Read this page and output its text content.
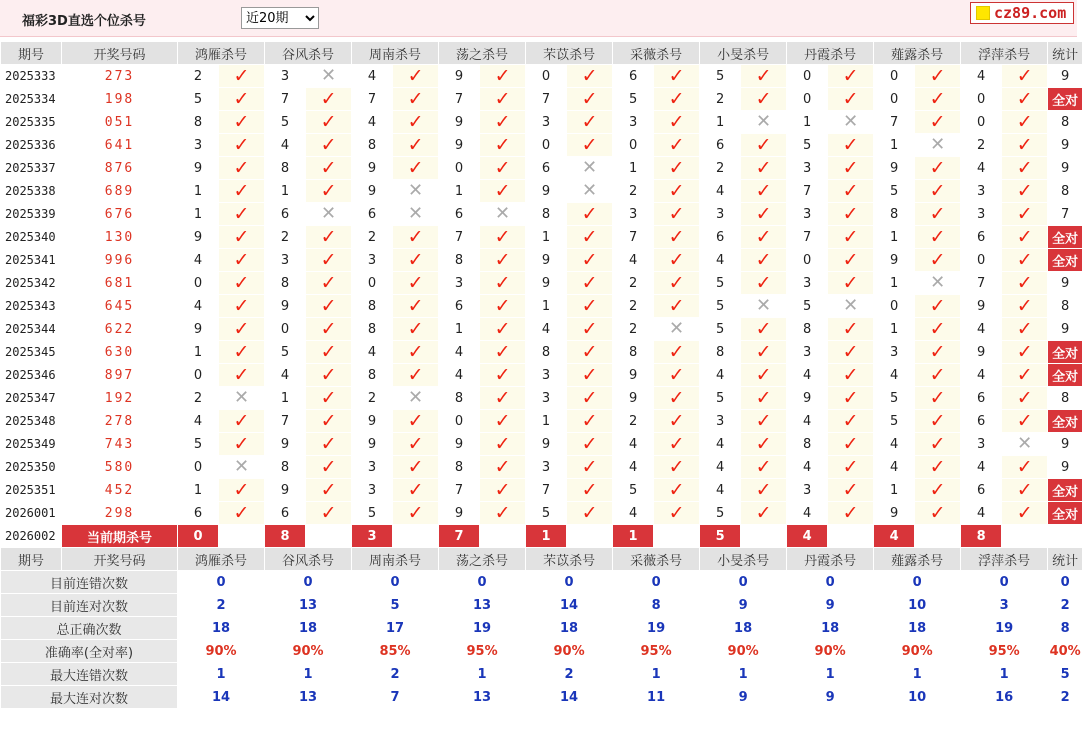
福彩3D直选个位杀号
近20期	cz89.com
期号	开奖号码	鸿雁杀号		谷风杀号		周南杀号		荡之杀号		芣苡杀号		采薇杀号		小旻杀号		丹霞杀号		薤露杀号		浮萍杀号		统计
2025333	273	2	✓	3	✕	4	✓	9	✓	0	✓	6	✓	5	✓	0	✓	0	✓	4	✓	9
2025334	198	5	✓	7	✓	7	✓	7	✓	7	✓	5	✓	2	✓	0	✓	0	✓	0	✓	全对
2025335	051	8	✓	5	✓	4	✓	9	✓	3	✓	3	✓	1	✕	1	✕	7	✓	0	✓	8
2025336	641	3	✓	4	✓	8	✓	9	✓	0	✓	0	✓	6	✓	5	✓	1	✕	2	✓	9
2025337	876	9	✓	8	✓	9	✓	0	✓	6	✕	1	✓	2	✓	3	✓	9	✓	4	✓	9
2025338	689	1	✓	1	✓	9	✕	1	✓	9	✕	2	✓	4	✓	7	✓	5	✓	3	✓	8
2025339	676	1	✓	6	✕	6	✕	6	✕	8	✓	3	✓	3	✓	3	✓	8	✓	3	✓	7
2025340	130	9	✓	2	✓	2	✓	7	✓	1	✓	7	✓	6	✓	7	✓	1	✓	6	✓	全对
2025341	996	4	✓	3	✓	3	✓	8	✓	9	✓	4	✓	4	✓	0	✓	9	✓	0	✓	全对
2025342	681	0	✓	8	✓	0	✓	3	✓	9	✓	2	✓	5	✓	3	✓	1	✕	7	✓	9
2025343	645	4	✓	9	✓	8	✓	6	✓	1	✓	2	✓	5	✕	5	✕	0	✓	9	✓	8
2025344	622	9	✓	0	✓	8	✓	1	✓	4	✓	2	✕	5	✓	8	✓	1	✓	4	✓	9
2025345	630	1	✓	5	✓	4	✓	4	✓	8	✓	8	✓	8	✓	3	✓	3	✓	9	✓	全对
2025346	897	0	✓	4	✓	8	✓	4	✓	3	✓	9	✓	4	✓	4	✓	4	✓	4	✓	全对
2025347	192	2	✕	1	✓	2	✕	8	✓	3	✓	9	✓	5	✓	9	✓	5	✓	6	✓	8
2025348	278	4	✓	7	✓	9	✓	0	✓	1	✓	2	✓	3	✓	4	✓	5	✓	6	✓	全对
2025349	743	5	✓	9	✓	9	✓	9	✓	9	✓	4	✓	4	✓	8	✓	4	✓	3	✕	9
2025350	580	0	✕	8	✓	3	✓	8	✓	3	✓	4	✓	4	✓	4	✓	4	✓	4	✓	9
2025351	452	1	✓	9	✓	3	✓	7	✓	7	✓	5	✓	4	✓	3	✓	1	✓	6	✓	全对
2026001	298	6	✓	6	✓	5	✓	9	✓	5	✓	4	✓	5	✓	4	✓	9	✓	4	✓	全对
2026002	当前期杀号	0		8		3		7		1		1		5		4		4		8		
期号	开奖号码	鸿雁杀号		谷风杀号		周南杀号		荡之杀号		芣苡杀号		采薇杀号		小旻杀号		丹霞杀号		薤露杀号		浮萍杀号		统计
目前连错次数		0		0		0		0		0		0		0		0		0		0		0
目前连对次数		2		13		5		13		14		8		9		9		10		3		2
总正确次数		18		18		17		19		18		19		18		18		18		19		8
准确率(全对率)		90%		90%		85%		95%		90%		95%		90%		90%		90%		95%		40%
最大连错次数		1		1		2		1		2		1		1		1		1		1		5
最大连对次数		14		13		7		13		14		11		9		9		10		16		2
